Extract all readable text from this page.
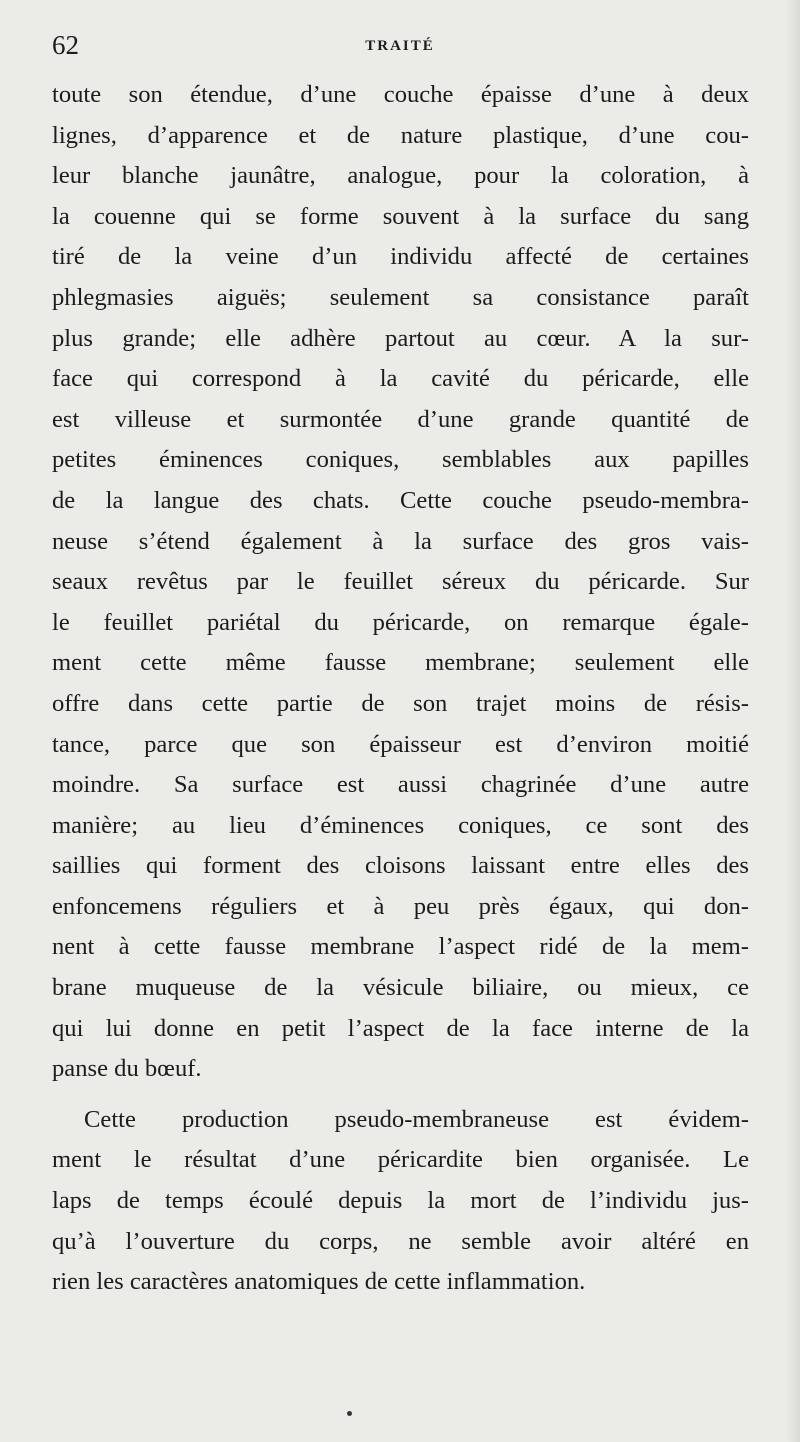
62	TRAITÉ

toute son étendue, d’une couche épaisse d’une à deux
lignes, d’apparence et de nature plastique, d’une cou-
leur blanche jaunâtre, analogue, pour la coloration, à
la couenne qui se forme souvent à la surface du sang
tiré de la veine d’un individu affecté de certaines
phlegmasies aiguës; seulement sa consistance paraît
plus grande; elle adhère partout au cœur. A la sur-
face qui correspond à la cavité du péricarde, elle
est villeuse et surmontée d’une grande quantité de
petites éminences coniques, semblables aux papilles
de la langue des chats. Cette couche pseudo-membra-
neuse s’étend également à la surface des gros vais-
seaux revêtus par le feuillet séreux du péricarde. Sur
le feuillet pariétal du péricarde, on remarque égale-
ment cette même fausse membrane; seulement elle
offre dans cette partie de son trajet moins de résis-
tance, parce que son épaisseur est d’environ moitié
moindre. Sa surface est aussi chagrinée d’une autre
manière; au lieu d’éminences coniques, ce sont des
saillies qui forment des cloisons laissant entre elles des
enfoncemens réguliers et à peu près égaux, qui don-
nent à cette fausse membrane l’aspect ridé de la mem-
brane muqueuse de la vésicule biliaire, ou mieux, ce
qui lui donne en petit l’aspect de la face interne de la
panse du bœuf.

Cette production pseudo-membraneuse est évidem-
ment le résultat d’une péricardite bien organisée. Le
laps de temps écoulé depuis la mort de l’individu jus-
qu’à l’ouverture du corps, ne semble avoir altéré en
rien les caractères anatomiques de cette inflammation.
